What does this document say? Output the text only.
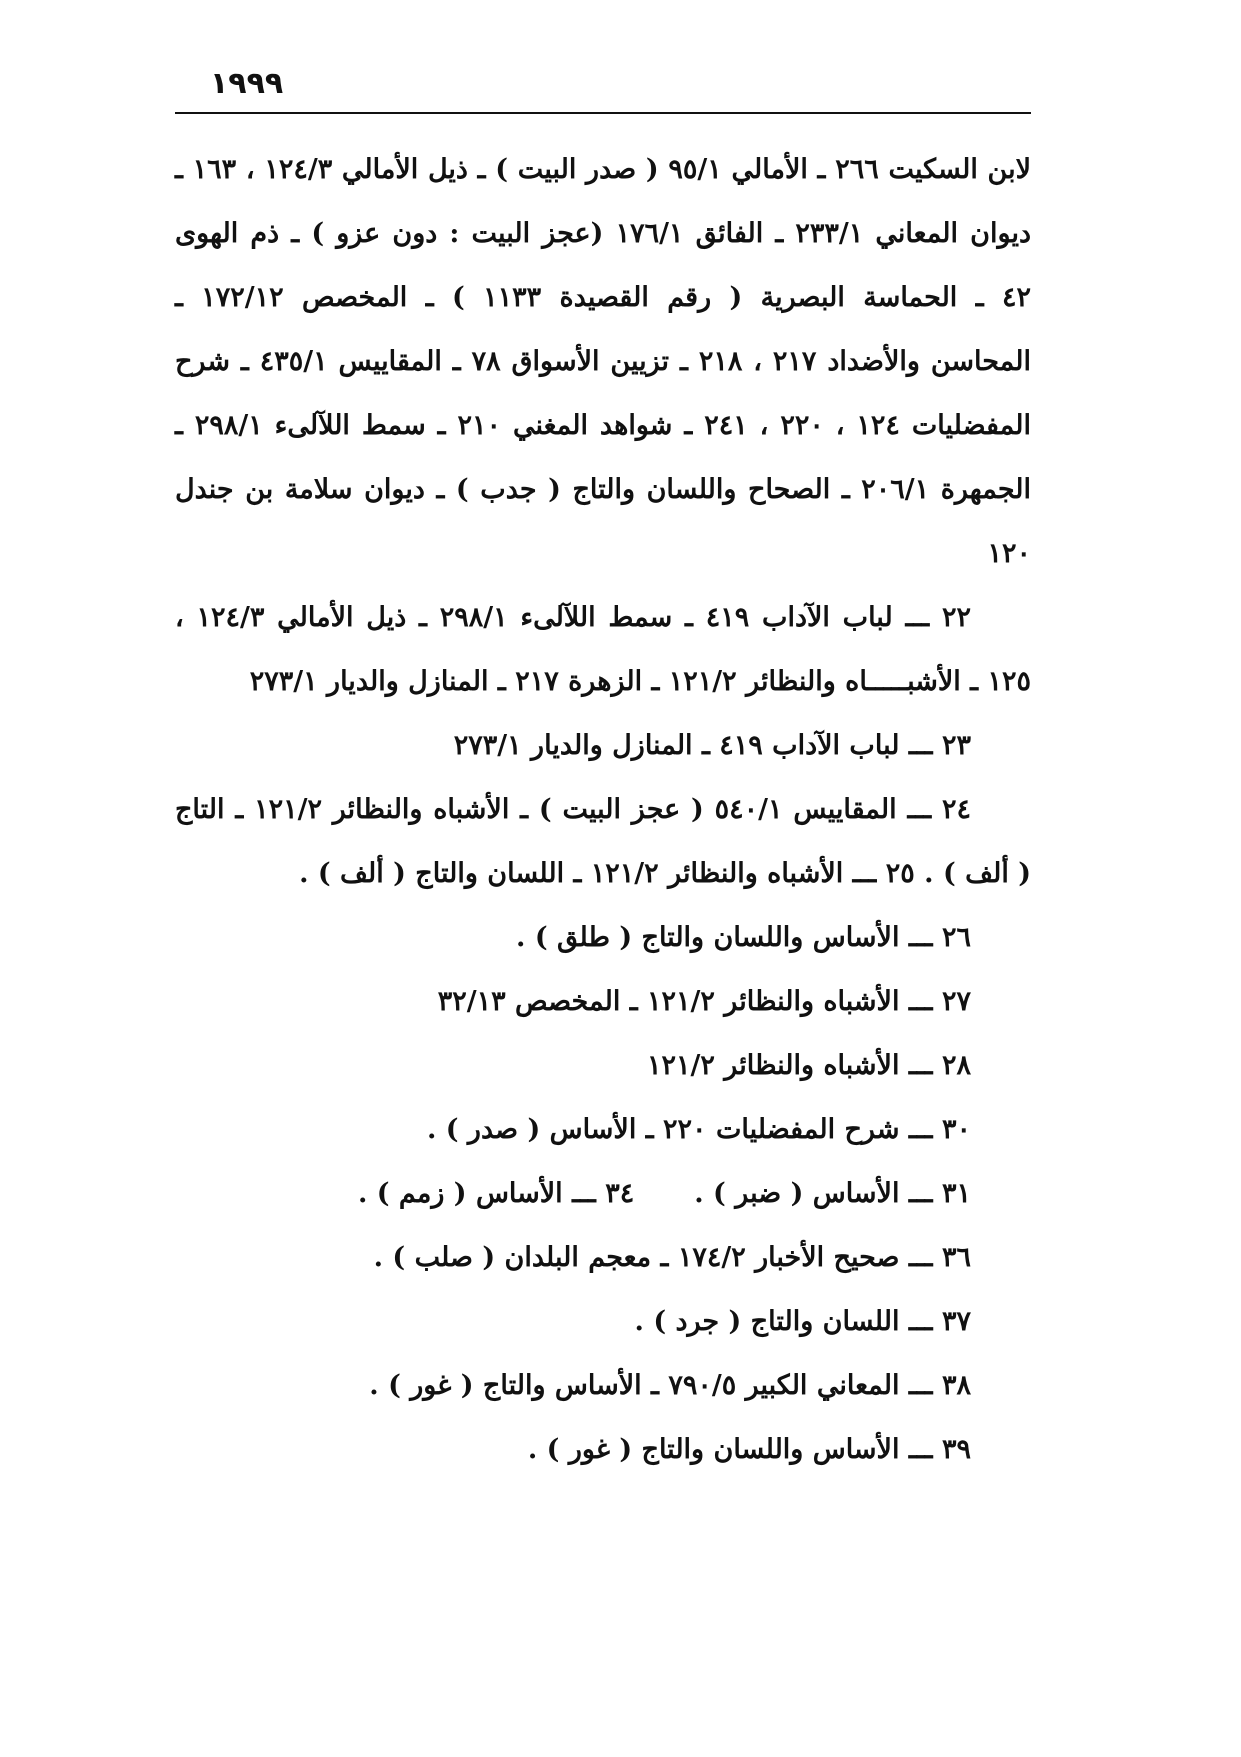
١٩٩٩

لابن السكيت ٢٦٦ ـ الأمالي ٩٥/١ ( صدر البيت ) ـ ذيل الأمالي ١٢٤/٣ ، ١٦٣ ـ ديوان المعاني ٢٣٣/١ ـ الفائق ١٧٦/١ (عجز البيت : دون عزو ) ـ ذم الهوى ٤٢ ـ الحماسة البصرية ( رقم القصيدة ١١٣٣ ) ـ المخصص ١٧٢/١٢ ـ المحاسن والأضداد ٢١٧ ، ٢١٨ ـ تزيين الأسواق ٧٨ ـ المقاييس ٤٣٥/١ ـ شرح المفضليات ١٢٤ ، ٢٢٠ ، ٢٤١ ـ شواهد المغني ٢١٠ ـ سمط اللآلىء ٢٩٨/١ ـ الجمهرة ٢٠٦/١ ـ الصحاح واللسان والتاج ( جدب ) ـ ديوان سلامة بن جندل ١٢٠

٢٢ ـــ لباب الآداب ٤١٩ ـ سمط اللآلىء ٢٩٨/١ ـ ذيل الأمالي ١٢٤/٣ ، ١٢٥ ـ الأشبـــــاه والنظائر ١٢١/٢ ـ الزهرة ٢١٧ ـ المنازل والديار ٢٧٣/١

٢٣ ـــ لباب الآداب ٤١٩ ـ المنازل والديار ٢٧٣/١

٢٤ ـــ المقاييس ٥٤٠/١ ( عجز البيت ) ـ الأشباه والنظائر ١٢١/٢ ـ التاج ( ألف ) . ٢٥ ـــ الأشباه والنظائر ١٢١/٢ ـ اللسان والتاج ( ألف ) .

٢٦ ـــ الأساس واللسان والتاج ( طلق ) .

٢٧ ـــ الأشباه والنظائر ١٢١/٢ ـ المخصص ٣٢/١٣

٢٨ ـــ الأشباه والنظائر ١٢١/٢

٣٠ ـــ شرح المفضليات ٢٢٠ ـ الأساس ( صدر ) .

٣١ ـــ الأساس ( ضبر ) .٣٤ ـــ الأساس ( زمم ) .

٣٦ ـــ صحيح الأخبار ١٧٤/٢ ـ معجم البلدان ( صلب ) .

٣٧ ـــ اللسان والتاج ( جرد ) .

٣٨ ـــ المعاني الكبير ٧٩٠/٥ ـ الأساس والتاج ( غور ) .

٣٩ ـــ الأساس واللسان والتاج ( غور ) .
